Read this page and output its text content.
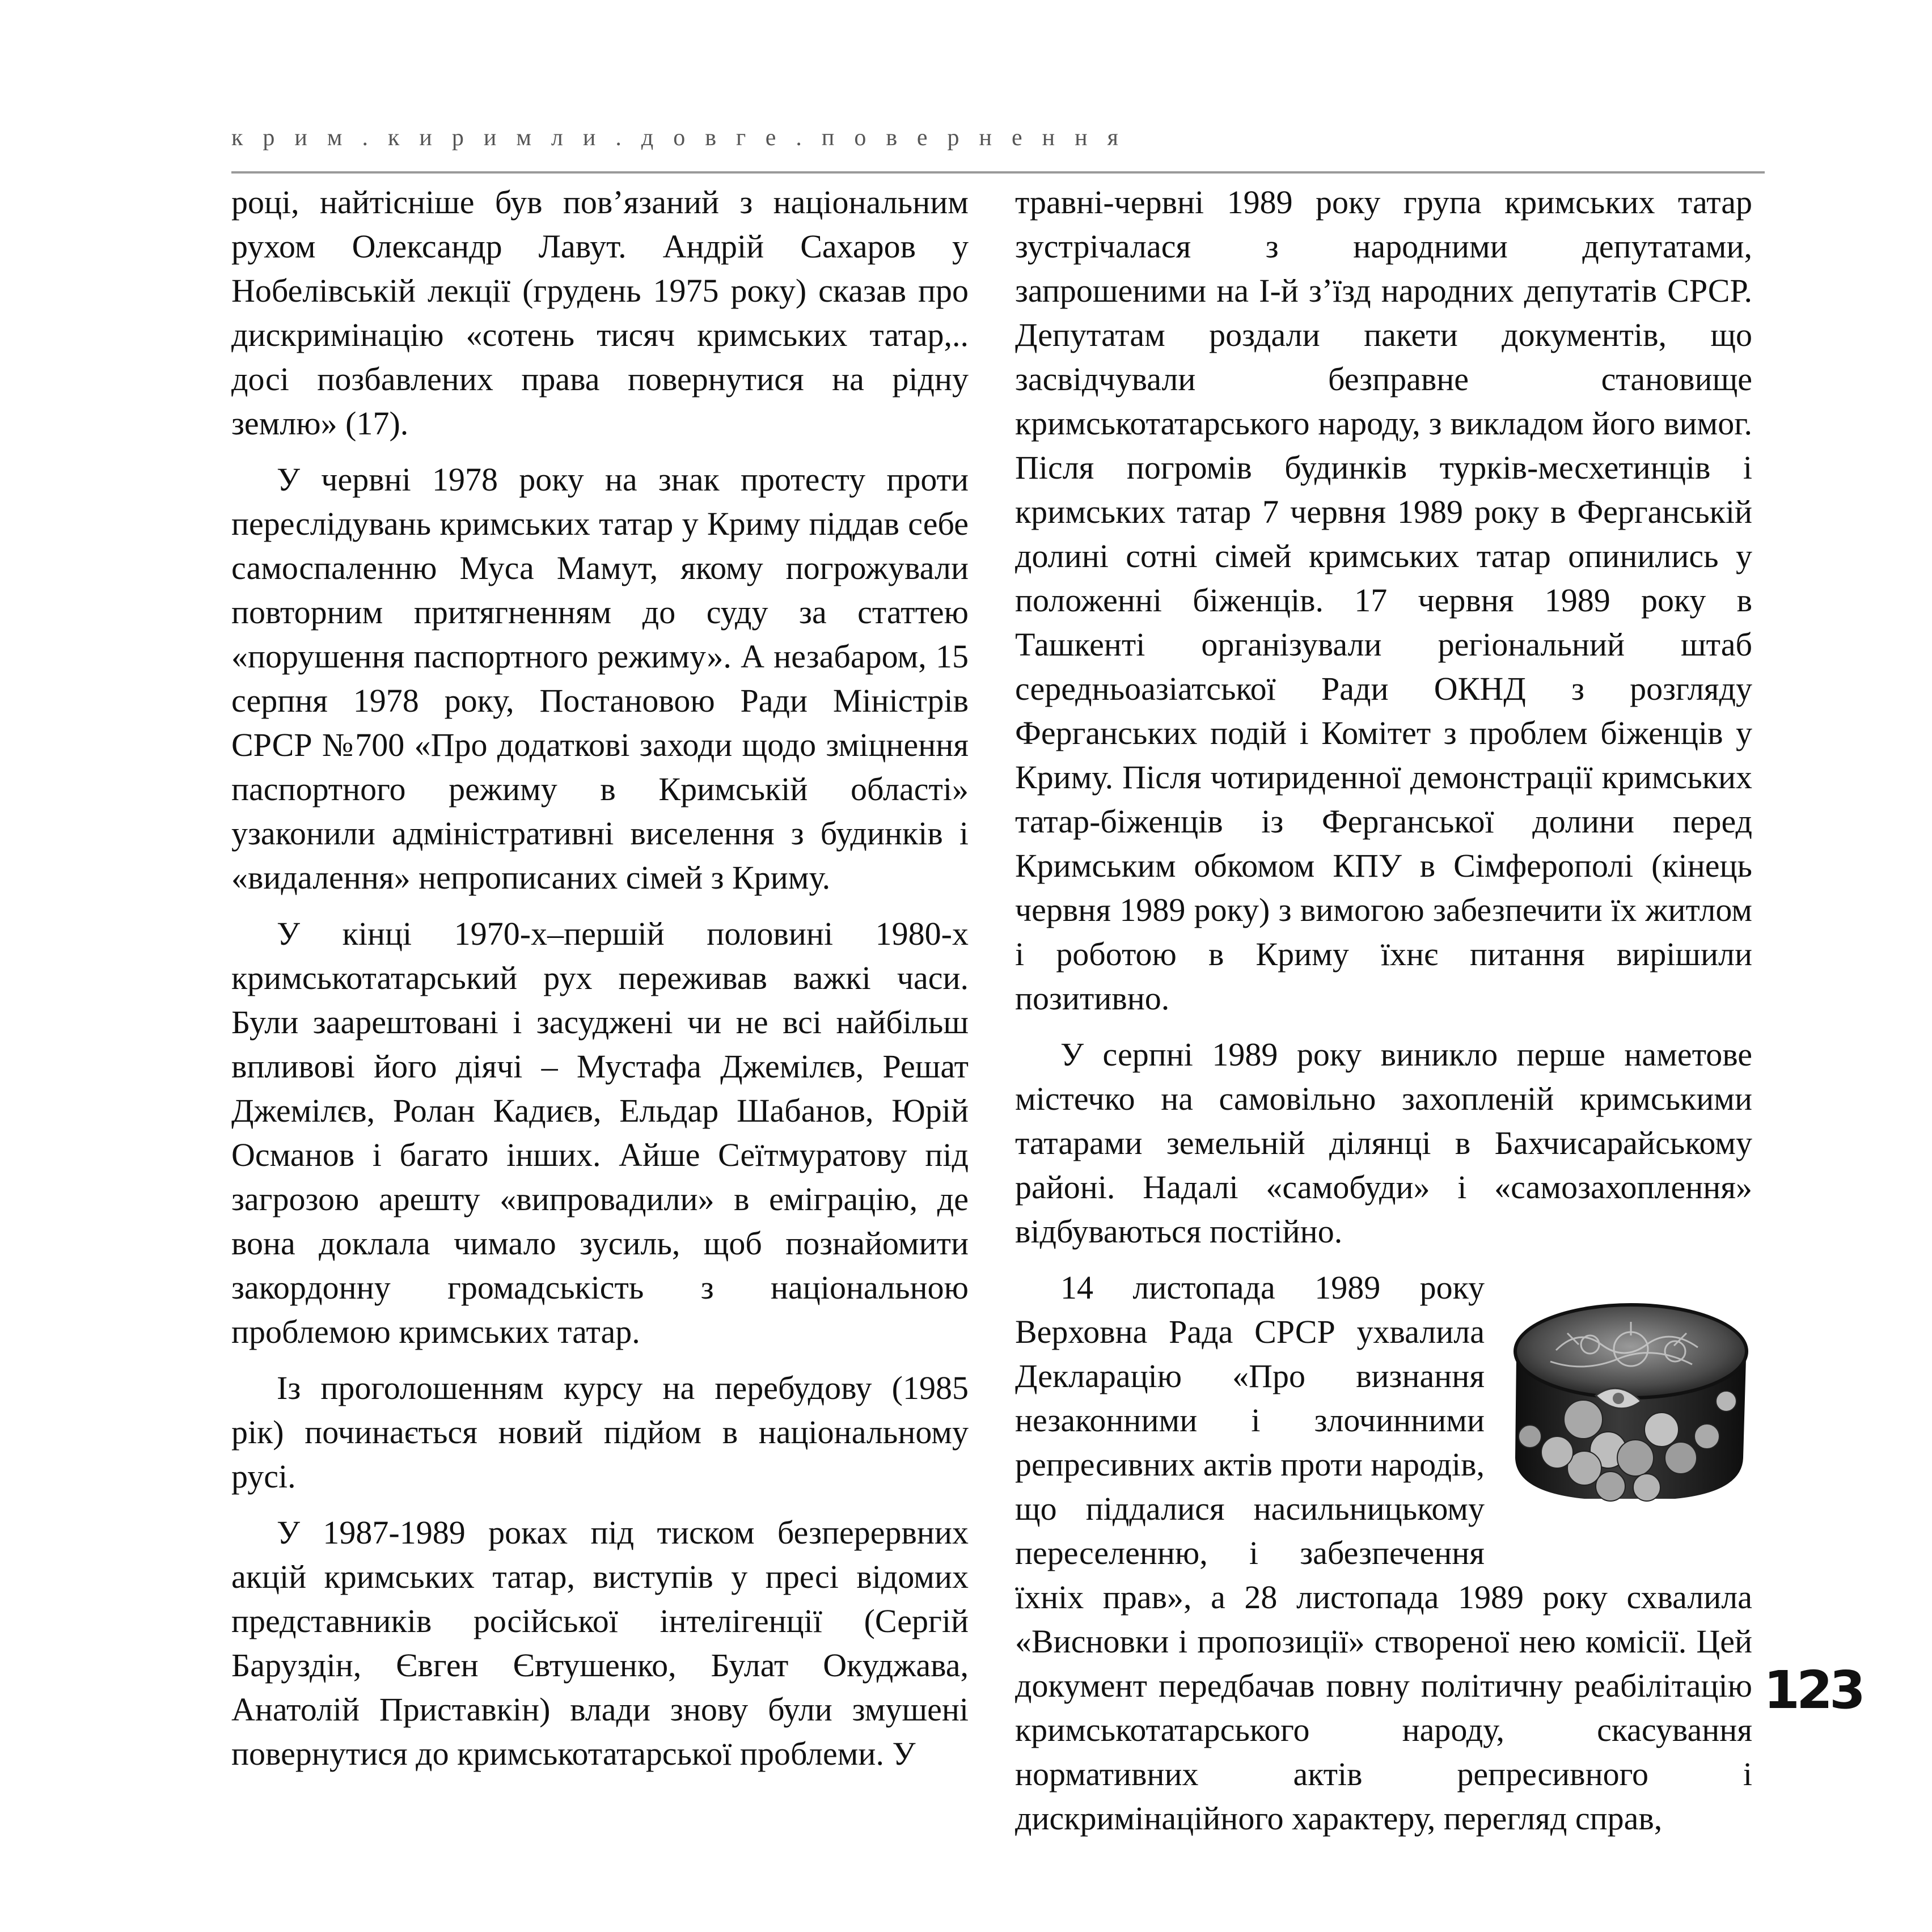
крим.киримли.довге.повернення

році, найтісніше був пов’язаний з національним рухом Олександр Лавут. Андрій Сахаров у Нобелівській лекції (грудень 1975 року) сказав про дискримінацію «сотень тисяч кримських татар,.. досі позбавлених права повернутися на рідну землю» (17).

У червні 1978 року на знак протесту проти переслідувань кримських татар у Криму піддав себе самоспаленню Муса Мамут, якому погрожували повторним притягненням до суду за статтею «порушення паспортного режиму». А незабаром, 15 серпня 1978 року, Постановою Ради Міністрів СРСР №700 «Про додаткові заходи щодо зміцнення паспортного режиму в Кримській області» узаконили адміністративні виселення з будинків і «видалення» непрописаних сімей з Криму.

У кінці 1970-х–першій половині 1980-х кримськотатарський рух переживав важкі часи. Були заарештовані і засуджені чи не всі найбільш впливові його діячі – Мустафа Джемілєв, Решат Джемілєв, Ролан Кадиєв, Ельдар Шабанов, Юрій Османов і багато інших. Айше Сеїтмуратову під загрозою арешту «випровадили» в еміграцію, де вона доклала чимало зусиль, щоб познайомити закордонну громадськість з національною проблемою кримських татар.

Із проголошенням курсу на перебудову (1985 рік) починається новий підйом в національному русі.

У 1987-1989 роках під тиском безперервних акцій кримських татар, виступів у пресі відомих представників російської інтелігенції (Сергій Баруздін, Євген Євтушенко, Булат Окуджава, Анатолій Приставкін) влади знову були змушені повернутися до кримськотатарської проблеми. У

травні-червні 1989 року група кримських татар зустрічалася з народними депутатами, запрошеними на І-й з’їзд народних депутатів СРСР. Депутатам роздали пакети документів, що засвідчували безправне становище кримськотатарського народу, з викладом його вимог. Після погромів будинків турків-месхетинців і кримських татар 7 червня 1989 року в Ферганській долині сотні сімей кримських татар опинились у положенні біженців. 17 червня 1989 року в Ташкенті організували регіональний штаб середньоазіатської Ради ОКНД з розгляду Ферганських подій і Комітет з проблем біженців у Криму. Після чотириденної демонстрації кримських татар-біженців із Ферганської долини перед Кримським обкомом КПУ в Сімферополі (кінець червня 1989 року) з вимогою забезпечити їх житлом і роботою в Криму їхнє питання вирішили позитивно.

У серпні 1989 року виникло перше наметове містечко на самовільно захопленій кримськими татарами земельній ділянці в Бахчисарайському районі. Надалі «самобуди» і «самозахоплення» відбуваються постійно.

14 листопада 1989 року Верховна Рада СРСР ухвалила Декларацію «Про визнання незаконними і злочинними репресивних актів проти народів, що піддалися насильницькому переселенню, і забезпечення їхніх прав», а 28 листопада 1989 року схвалила «Висновки і пропозиції» створеної нею комісії. Цей документ передбачав повну політичну реабілітацію кримськотатарського народу, скасування нормативних актів репресивного і дискримінаційного характеру, перегляд справ,

123
